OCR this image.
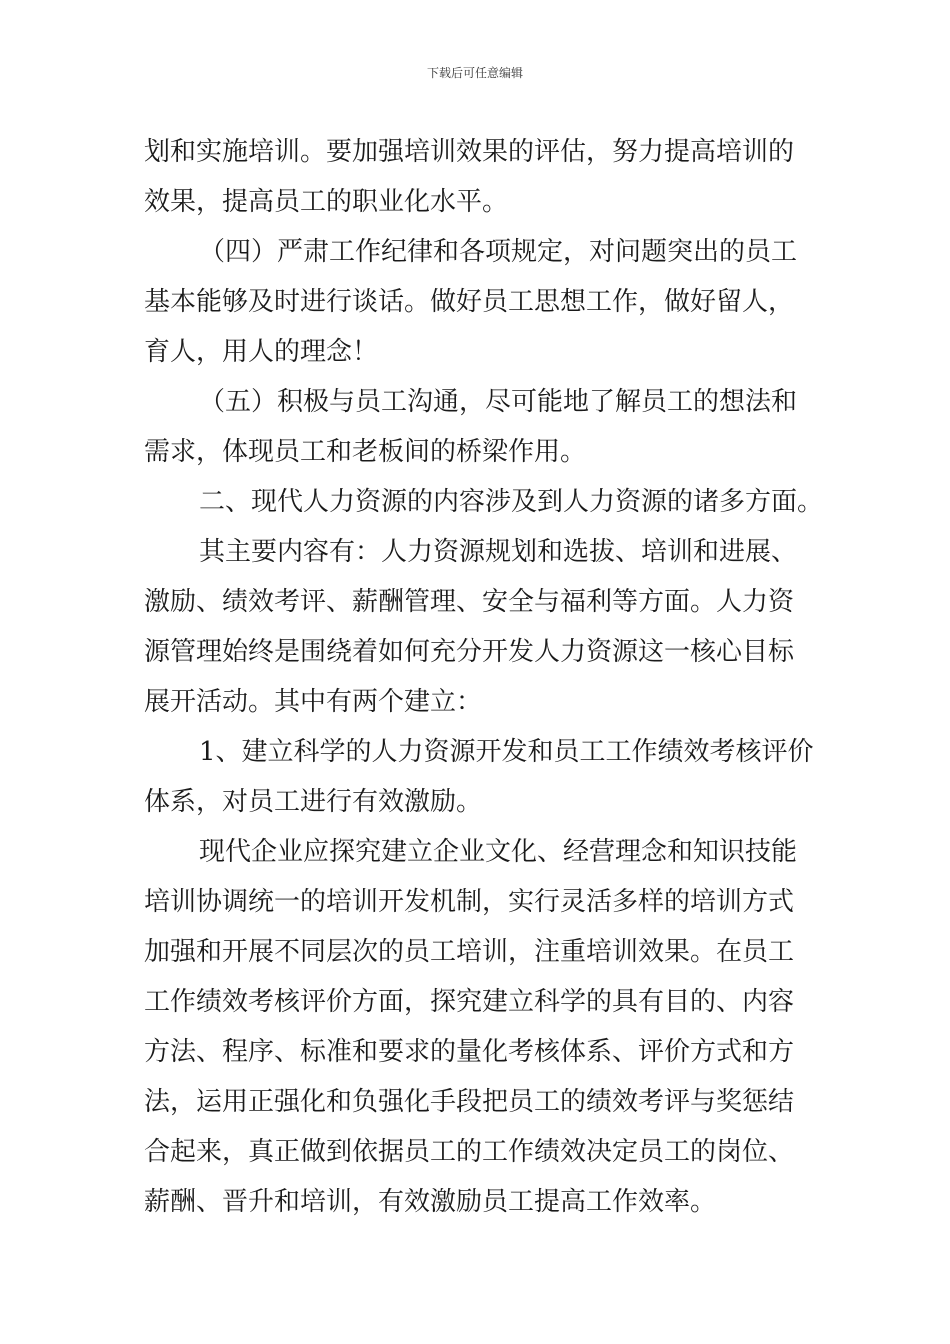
下载后可任意编辑
划和实施培训。要加强培训效果的评估，努力提高培训的
效果，提高员工的职业化水平。
（四）严肃工作纪律和各项规定，对问题突出的员工
基本能够及时进行谈话。做好员工思想工作，做好留人，
育人，用人的理念！
（五）积极与员工沟通，尽可能地了解员工的想法和
需求，体现员工和老板间的桥梁作用。
二、现代人力资源的内容涉及到人力资源的诸多方面。
其主要内容有：人力资源规划和选拔、培训和进展、
激励、绩效考评、薪酬管理、安全与福利等方面。人力资
源管理始终是围绕着如何充分开发人力资源这一核心目标
展开活动。其中有两个建立：
1、建立科学的人力资源开发和员工工作绩效考核评价
体系，对员工进行有效激励。
现代企业应探究建立企业文化、经营理念和知识技能
培训协调统一的培训开发机制，实行灵活多样的培训方式
加强和开展不同层次的员工培训，注重培训效果。在员工
工作绩效考核评价方面，探究建立科学的具有目的、内容
方法、程序、标准和要求的量化考核体系、评价方式和方
法，运用正强化和负强化手段把员工的绩效考评与奖惩结
合起来，真正做到依据员工的工作绩效决定员工的岗位、
薪酬、晋升和培训，有效激励员工提高工作效率。
